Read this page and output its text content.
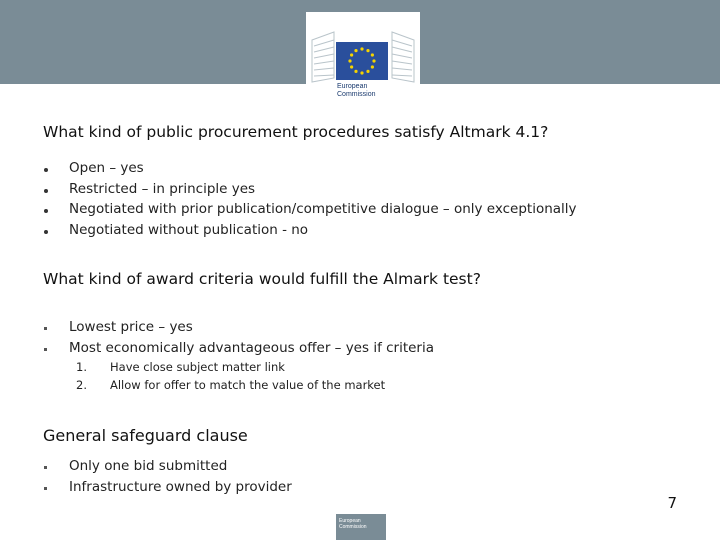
European
Commission
What kind of public procurement procedures satisfy Altmark 4.1?
Open – yes
Restricted – in principle yes
Negotiated with prior publication/competitive dialogue – only exceptionally
Negotiated without publication - no
What kind of award criteria would fulfill the Almark test?
Lowest price – yes
Most economically advantageous offer – yes if criteria
1. Have close subject matter link
2. Allow for offer to match the value of the market
General safeguard clause
Only one bid submitted
Infrastructure owned by provider
7
European Commission
